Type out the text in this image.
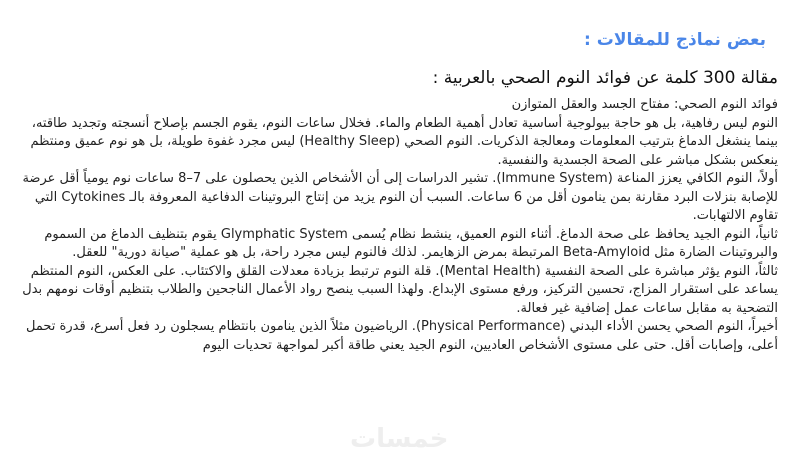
بعض نماذج للمقالات :
مقالة 300 كلمة عن فوائد النوم الصحي بالعربية :

فوائد النوم الصحي: مفتاح الجسد والعقل المتوازن

النوم ليس رفاهية، بل هو حاجة بيولوجية أساسية تعادل أهمية الطعام والماء. فخلال ساعات النوم، يقوم الجسم بإصلاح أنسجته وتجديد طاقته، بينما ينشغل الدماغ بترتيب المعلومات ومعالجة الذكريات. النوم الصحي (Healthy Sleep) ليس مجرد غفوة طويلة، بل هو نوم عميق ومنتظم ينعكس بشكل مباشر على الصحة الجسدية والنفسية.

أولاً، النوم الكافي يعزز المناعة (Immune System). تشير الدراسات إلى أن الأشخاص الذين يحصلون على 7–8 ساعات نوم يومياً أقل عرضة للإصابة بنزلات البرد مقارنة بمن ينامون أقل من 6 ساعات. السبب أن النوم يزيد من إنتاج البروتينات الدفاعية المعروفة بالـ Cytokines التي تقاوم الالتهابات.

ثانياً، النوم الجيد يحافظ على صحة الدماغ. أثناء النوم العميق، ينشط نظام يُسمى Glymphatic System يقوم بتنظيف الدماغ من السموم والبروتينات الضارة مثل Beta-Amyloid المرتبطة بمرض الزهايمر. لذلك فالنوم ليس مجرد راحة، بل هو عملية "صيانة دورية" للعقل.

ثالثاً، النوم يؤثر مباشرة على الصحة النفسية (Mental Health). قلة النوم ترتبط بزيادة معدلات القلق والاكتئاب. على العكس، النوم المنتظم يساعد على استقرار المزاج، تحسين التركيز، ورفع مستوى الإبداع. ولهذا السبب ينصح رواد الأعمال الناجحين والطلاب بتنظيم أوقات نومهم بدل التضحية به مقابل ساعات عمل إضافية غير فعالة.

أخيراً، النوم الصحي يحسن الأداء البدني (Physical Performance). الرياضيون مثلاً الذين ينامون بانتظام يسجلون رد فعل أسرع، قدرة تحمل أعلى، وإصابات أقل. حتى على مستوى الأشخاص العاديين، النوم الجيد يعني طاقة أكبر لمواجهة تحديات اليوم

خمسات
